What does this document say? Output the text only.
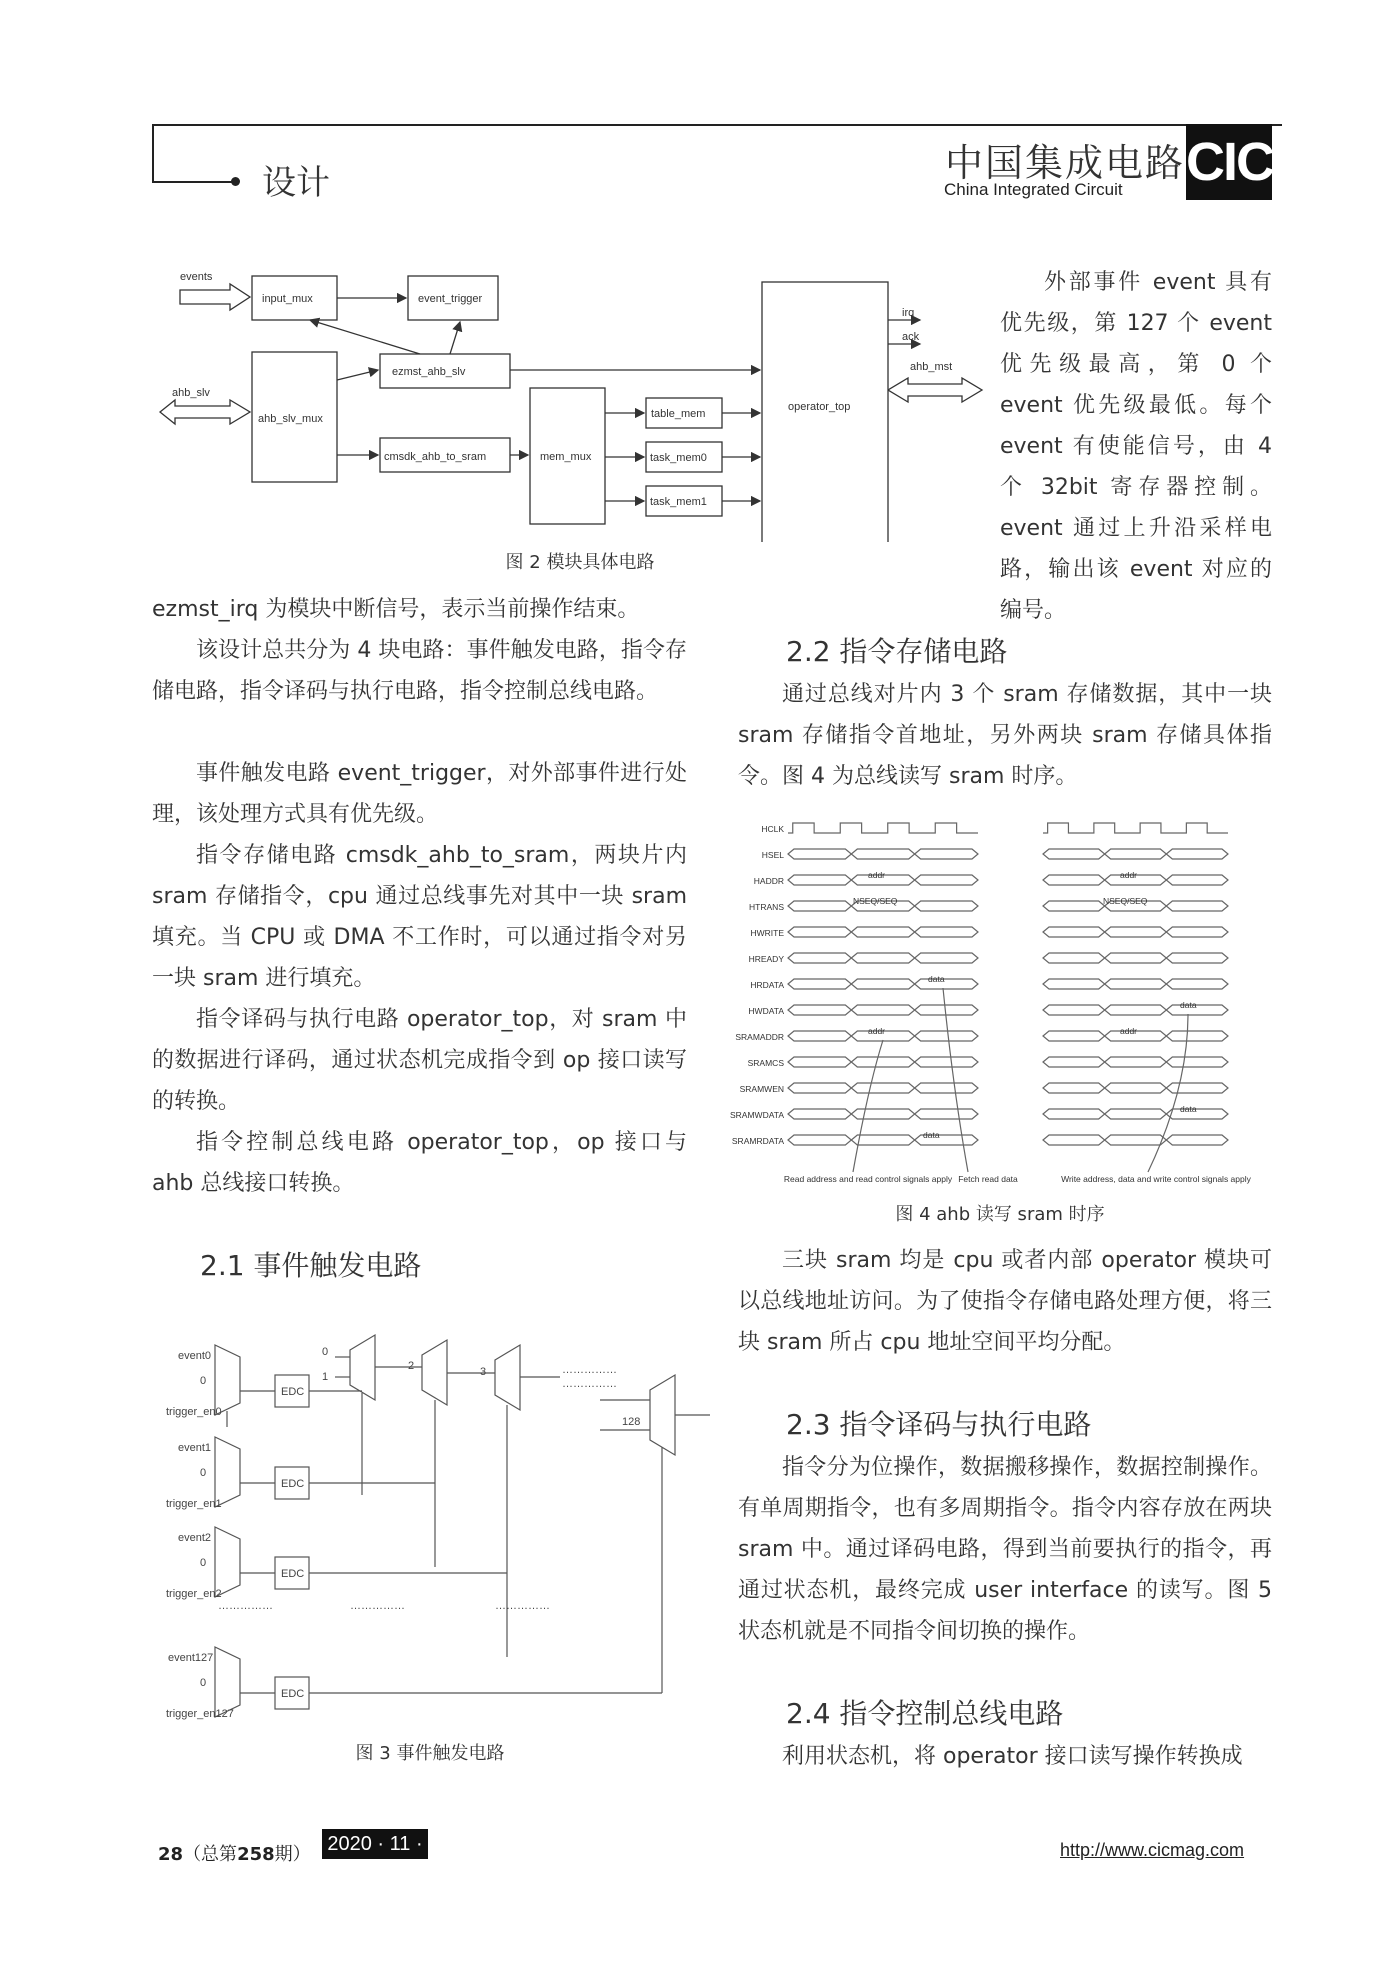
设计	中国集成电路
China Integrated Circuit CIC
events
ahb_slv
input_mux	event_trigger
ahb_slv_mux
ezmst_ahb_slv
cmsdk_ahb_to_sram	mem_mux
table_mem
task_mem0
task_mem1
operator_top
irq
ack
ahb_mst
图 2 模块具体电路
外部事件 event 具有优先级，第 127 个 event 优先级最高，第 0 个 event 优先级最低。每个 event 有使能信号，由 4 个 32bit 寄存器控制。event 通过上升沿采样电路，输出该 event 对应的编号。
ezmst_irq 为模块中断信号，表示当前操作结束。
该设计总共分为 4 块电路：事件触发电路，指令存储电路，指令译码与执行电路，指令控制总线电路。
事件触发电路 event_trigger，对外部事件进行处理，该处理方式具有优先级。
指令存储电路 cmsdk_ahb_to_sram，两块片内 sram 存储指令，cpu 通过总线事先对其中一块 sram 填充。当 CPU 或 DMA 不工作时，可以通过指令对另一块 sram 进行填充。
指令译码与执行电路 operator_top，对 sram 中的数据进行译码，通过状态机完成指令到 op 接口读写的转换。
指令控制总线电路 operator_top，op 接口与 ahb 总线接口转换。
2.1 事件触发电路
0
1
2	3
128
……………
……………
……………	……………	……………
event0
0
trigger_en0
EDC
event1
0
trigger_en1
EDC
event2
0
trigger_en2
EDC
event127
0
trigger_en127
EDC
图 3 事件触发电路
2.2 指令存储电路
通过总线对片内 3 个 sram 存储数据，其中一块 sram 存储指令首地址，另外两块 sram 存储具体指令。图 4 为总线读写 sram 时序。
HCLK
HSEL
HADDR
HTRANS
HWRITE
HREADY
HRDATA
HWDATA
SRAMADDR
SRAMCS
SRAMWEN
SRAMWDATA
SRAMRDATA
addr	addr
NSEQ/SEQ	NSEQ/SEQ
data
data
addr	addr
data
data
Read address and read control signals apply Fetch read data	Write address, data and write control signals apply
图 4 ahb 读写 sram 时序
三块 sram 均是 cpu 或者内部 operator 模块可以总线地址访问。为了使指令存储电路处理方便，将三块 sram 所占 cpu 地址空间平均分配。
2.3 指令译码与执行电路
指令分为位操作，数据搬移操作，数据控制操作。有单周期指令，也有多周期指令。指令内容存放在两块 sram 中。通过译码电路，得到当前要执行的指令，再通过状态机，最终完成 user interface 的读写。图 5 状态机就是不同指令间切换的操作。
2.4 指令控制总线电路
利用状态机，将 operator 接口读写操作转换成
28（总第258期） 2020 · 11 ·	http://www.cicmag.com
